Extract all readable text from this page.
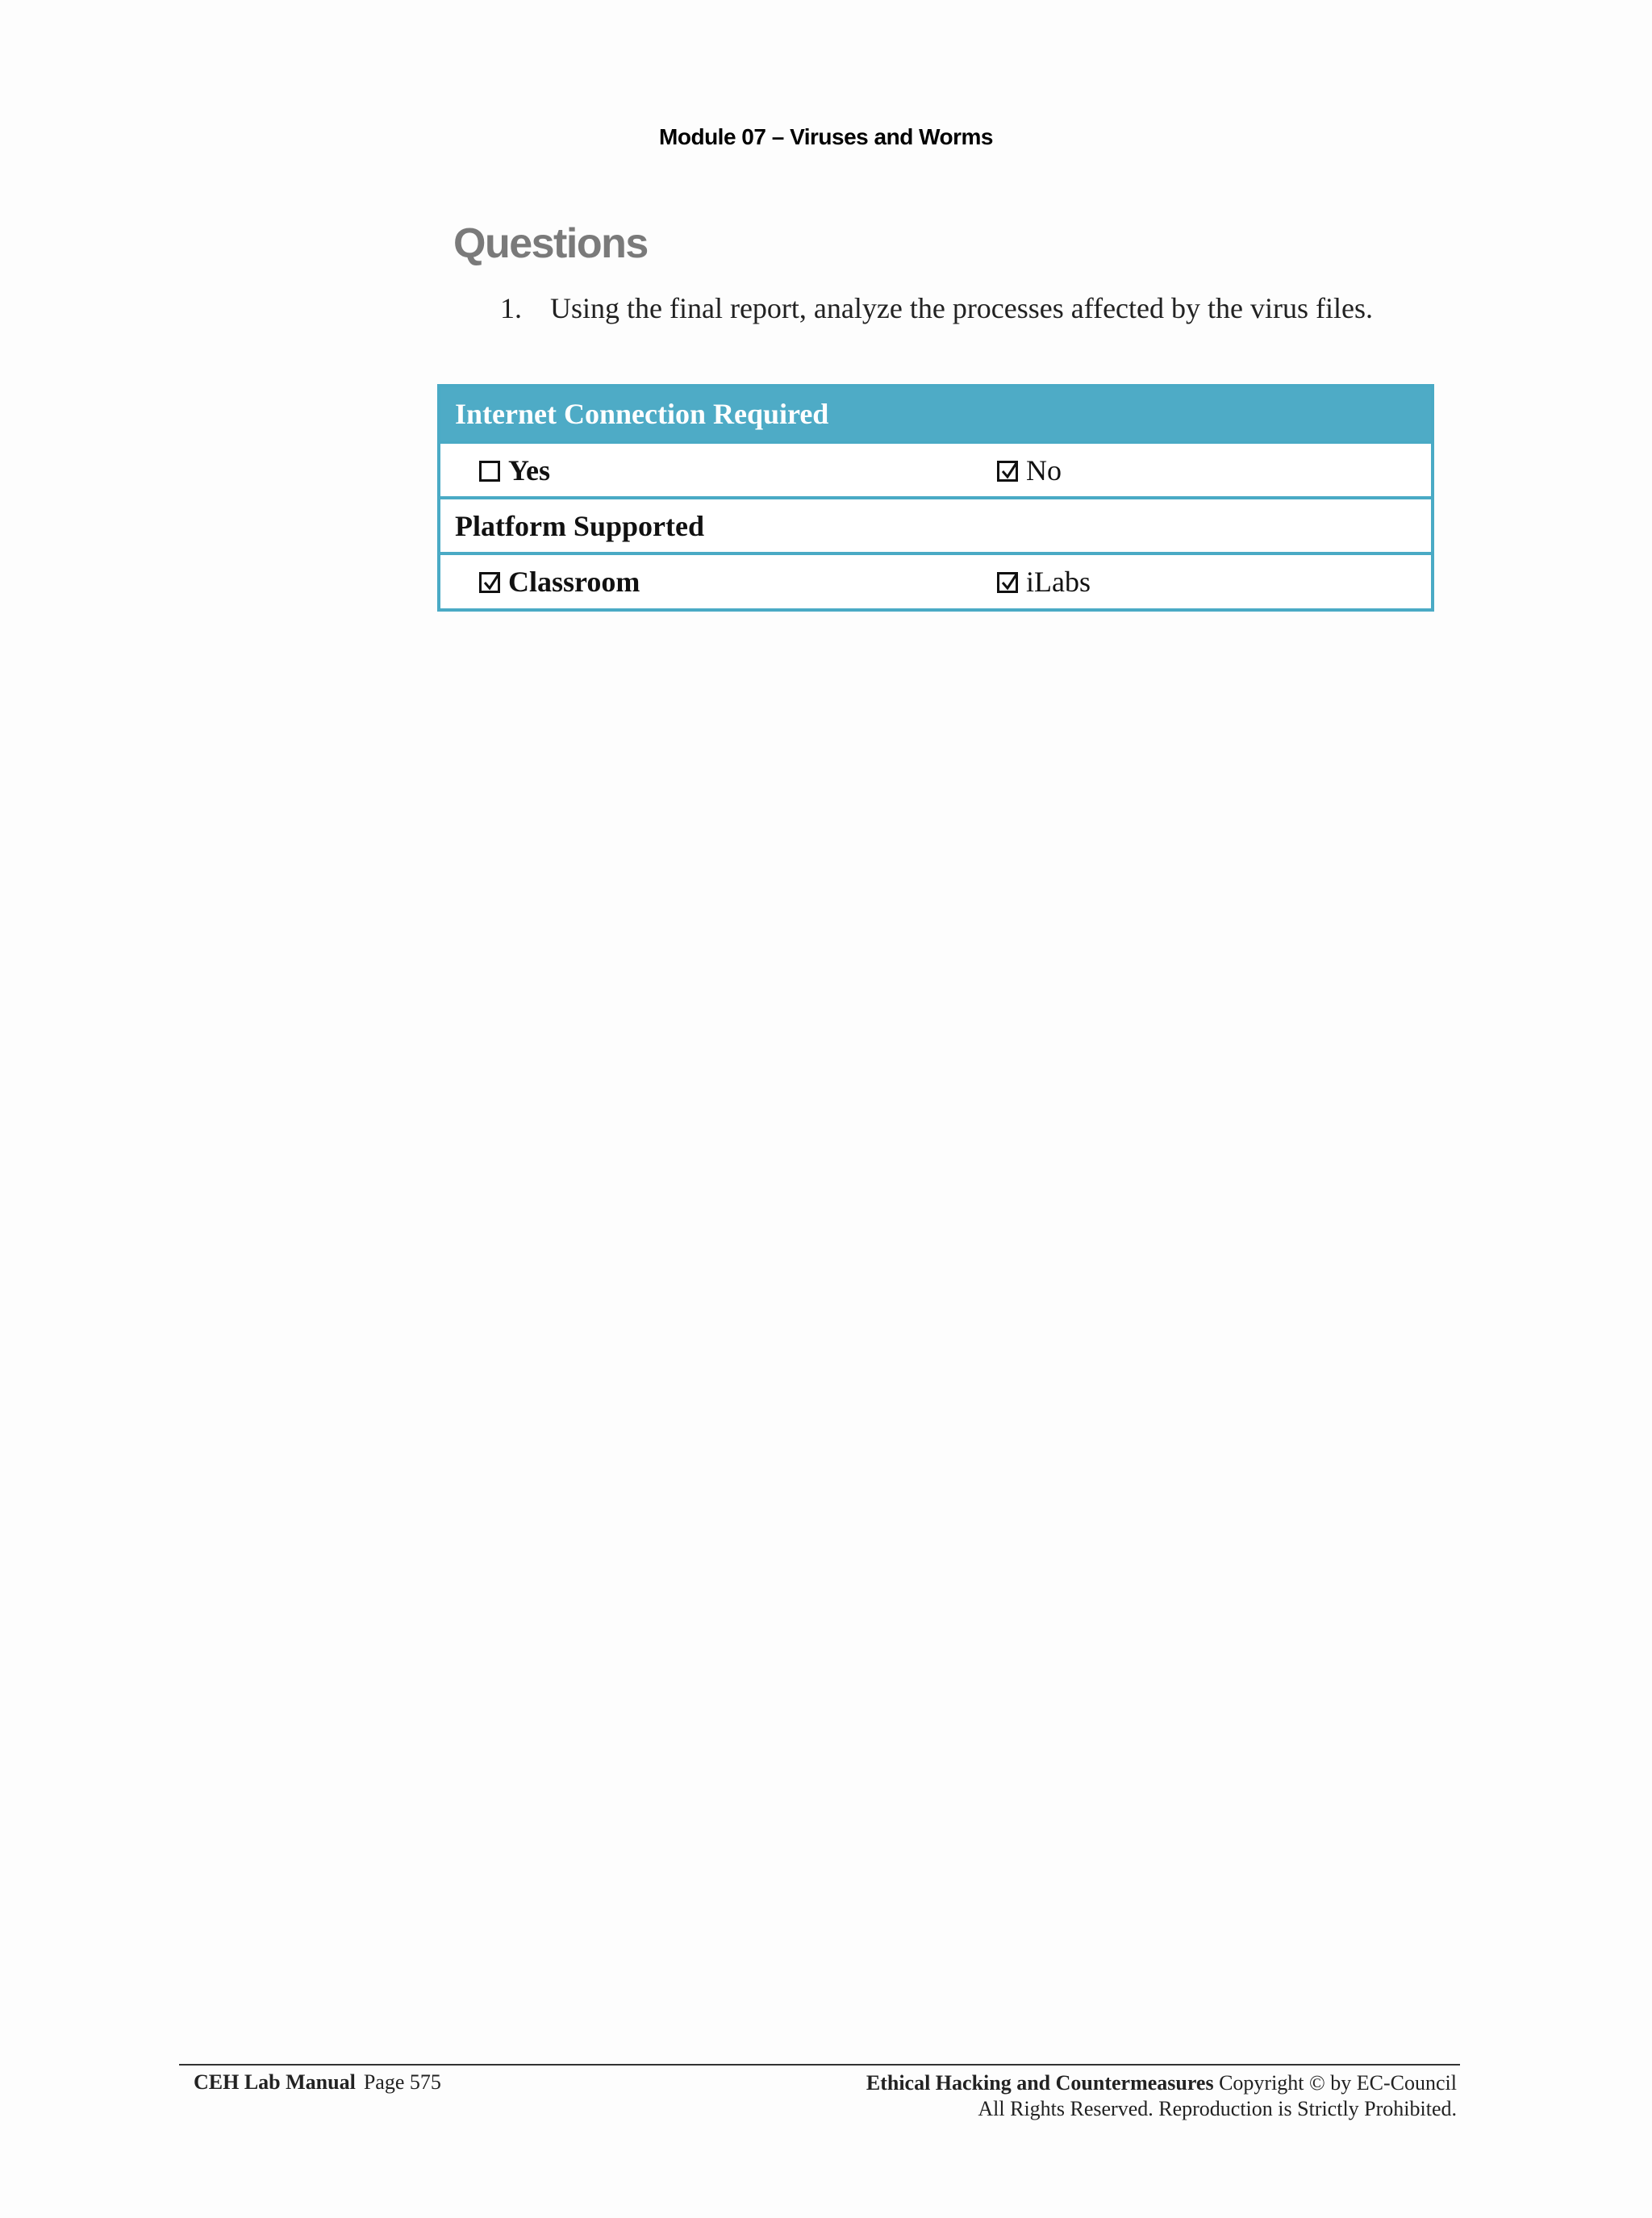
Module 07 – Viruses and Worms
Questions
1. Using the final report, analyze the processes affected by the virus files.
Internet Connection Required
Yes	No
Platform Supported
Classroom	iLabs
CEH Lab Manual Page 575	Ethical Hacking and Countermeasures Copyright © by EC-Council
All Rights Reserved. Reproduction is Strictly Prohibited.
